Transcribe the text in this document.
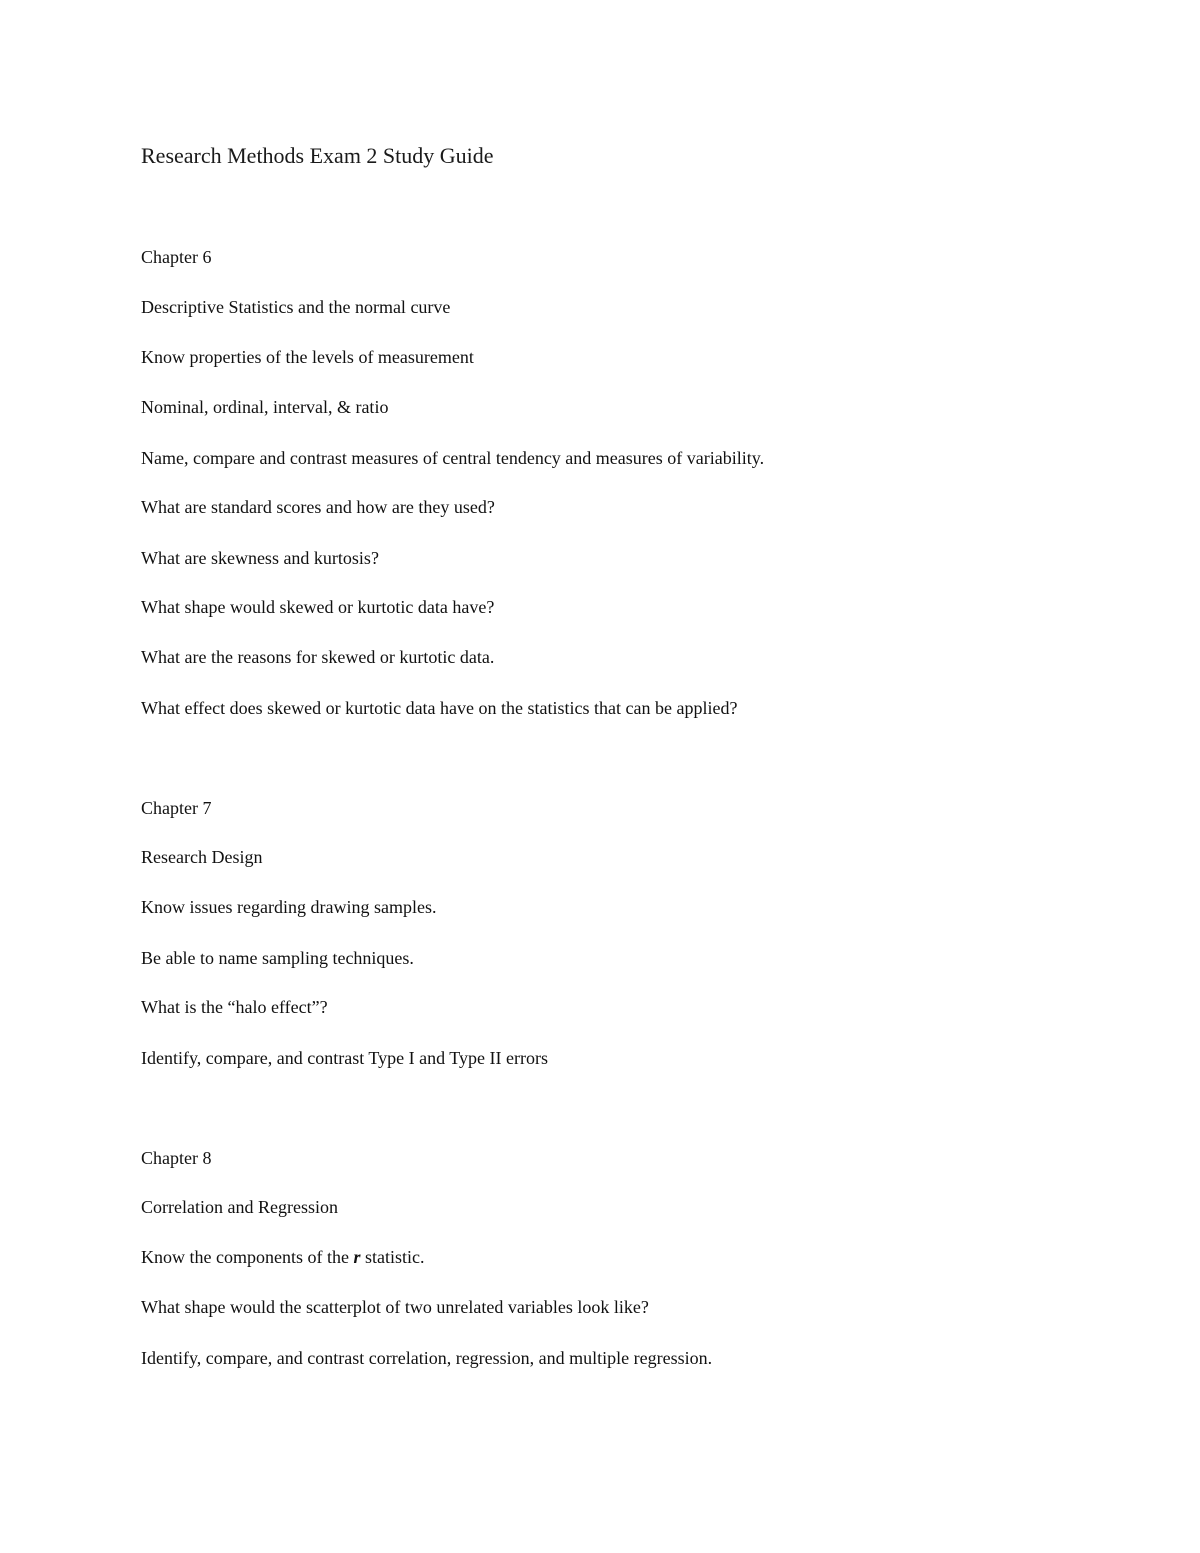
Research Methods Exam 2 Study Guide
Chapter 6
Descriptive Statistics and the normal curve
Know properties of the levels of measurement
Nominal, ordinal, interval, & ratio
Name, compare and contrast measures of central tendency and measures of variability.
What are standard scores and how are they used?
What are skewness and kurtosis?
What shape would skewed or kurtotic data have?
What are the reasons for skewed or kurtotic data.
What effect does skewed or kurtotic data have on the statistics that can be applied?
Chapter 7
Research Design
Know issues regarding drawing samples.
Be able to name sampling techniques.
What is the “halo effect”?
Identify, compare, and contrast Type I and Type II errors
Chapter 8
Correlation and Regression
Know the components of the r statistic.
What shape would the scatterplot of two unrelated variables look like?
Identify, compare, and contrast correlation, regression, and multiple regression.
